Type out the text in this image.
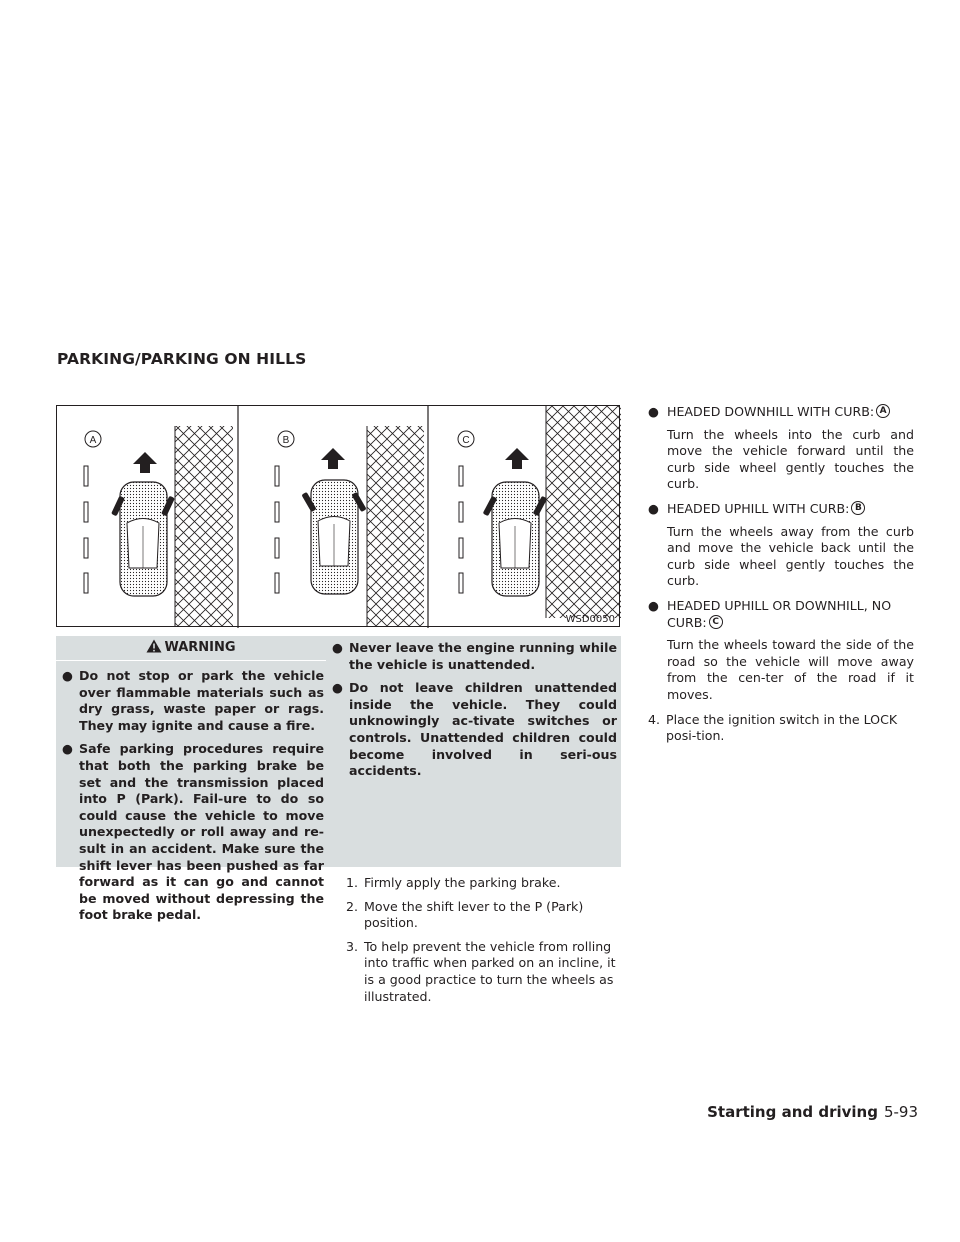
PARKING/PARKING ON HILLS
A	B	C
WSD0050
WARNING
● Do not stop or park the vehicle over flammable materials such as dry grass, waste paper or rags. They may ignite and cause a fire.
● Safe parking procedures require that both the parking brake be set and the transmission placed into P (Park). Fail-ure to do so could cause the vehicle to move unexpectedly or roll away and re-sult in an accident. Make sure the shift lever has been pushed as far forward as it can go and cannot be moved without depressing the foot brake pedal.
● Never leave the engine running while the vehicle is unattended.
● Do not leave children unattended inside the vehicle. They could unknowingly ac-tivate switches or controls. Unattended children could become involved in seri-ous accidents.
1. Firmly apply the parking brake.
2. Move the shift lever to the P (Park) position.
3. To help prevent the vehicle from rolling into traffic when parked on an incline, it is a good practice to turn the wheels as illustrated.
● HEADED DOWNHILL WITH CURB: A
Turn the wheels into the curb and move the vehicle forward until the curb side wheel gently touches the curb.
● HEADED UPHILL WITH CURB: B
Turn the wheels away from the curb and move the vehicle back until the curb side wheel gently touches the curb.
● HEADED UPHILL OR DOWNHILL, NO CURB: C
Turn the wheels toward the side of the road so the vehicle will move away from the cen-ter of the road if it moves.
4. Place the ignition switch in the LOCK posi-tion.
Starting and driving 5-93
